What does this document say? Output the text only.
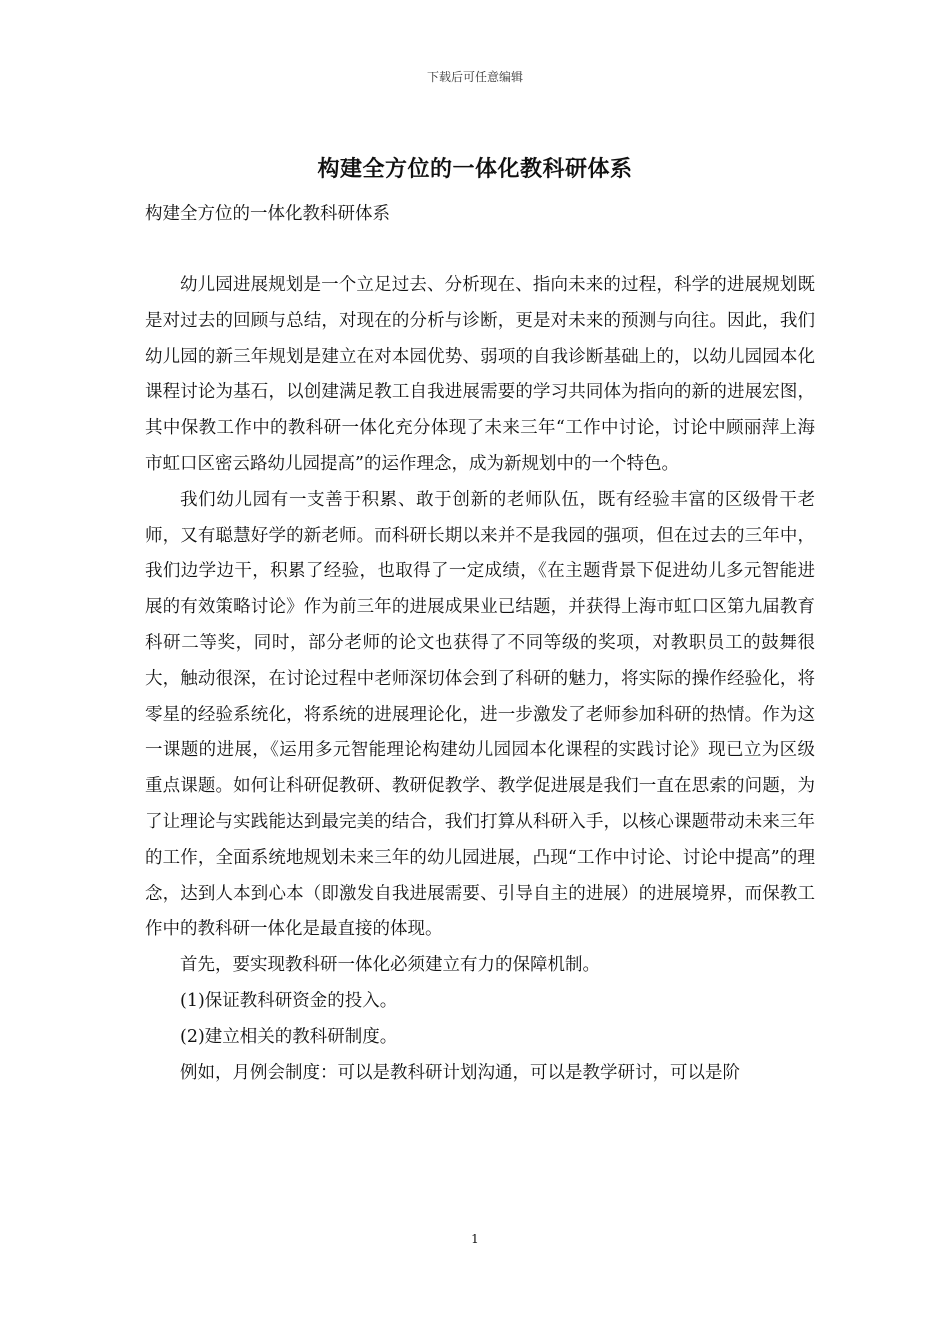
下载后可任意编辑
构建全方位的一体化教科研体系
构建全方位的一体化教科研体系

幼儿园进展规划是一个立足过去、分析现在、指向未来的过程，科学的进展规划既是对过去的回顾与总结，对现在的分析与诊断，更是对未来的预测与向往。因此，我们幼儿园的新三年规划是建立在对本园优势、弱项的自我诊断基础上的，以幼儿园园本化课程讨论为基石，以创建满足教工自我进展需要的学习共同体为指向的新的进展宏图，其中保教工作中的教科研一体化充分体现了未来三年“工作中讨论，讨论中顾丽萍上海市虹口区密云路幼儿园提高”的运作理念，成为新规划中的一个特色。

我们幼儿园有一支善于积累、敢于创新的老师队伍，既有经验丰富的区级骨干老师，又有聪慧好学的新老师。而科研长期以来并不是我园的强项，但在过去的三年中，我们边学边干，积累了经验，也取得了一定成绩，《在主题背景下促进幼儿多元智能进展的有效策略讨论》作为前三年的进展成果业已结题，并获得上海市虹口区第九届教育科研二等奖，同时，部分老师的论文也获得了不同等级的奖项，对教职员工的鼓舞很大，触动很深，在讨论过程中老师深切体会到了科研的魅力，将实际的操作经验化，将零星的经验系统化，将系统的进展理论化，进一步激发了老师参加科研的热情。作为这一课题的进展，《运用多元智能理论构建幼儿园园本化课程的实践讨论》现已立为区级重点课题。如何让科研促教研、教研促教学、教学促进展是我们一直在思索的问题，为了让理论与实践能达到最完美的结合，我们打算从科研入手，以核心课题带动未来三年的工作，全面系统地规划未来三年的幼儿园进展，凸现“工作中讨论、讨论中提高”的理念，达到人本到心本（即激发自我进展需要、引导自主的进展）的进展境界，而保教工作中的教科研一体化是最直接的体现。

首先，要实现教科研一体化必须建立有力的保障机制。

(1)保证教科研资金的投入。

(2)建立相关的教科研制度。

例如，月例会制度：可以是教科研计划沟通，可以是教学研讨，可以是阶

1
